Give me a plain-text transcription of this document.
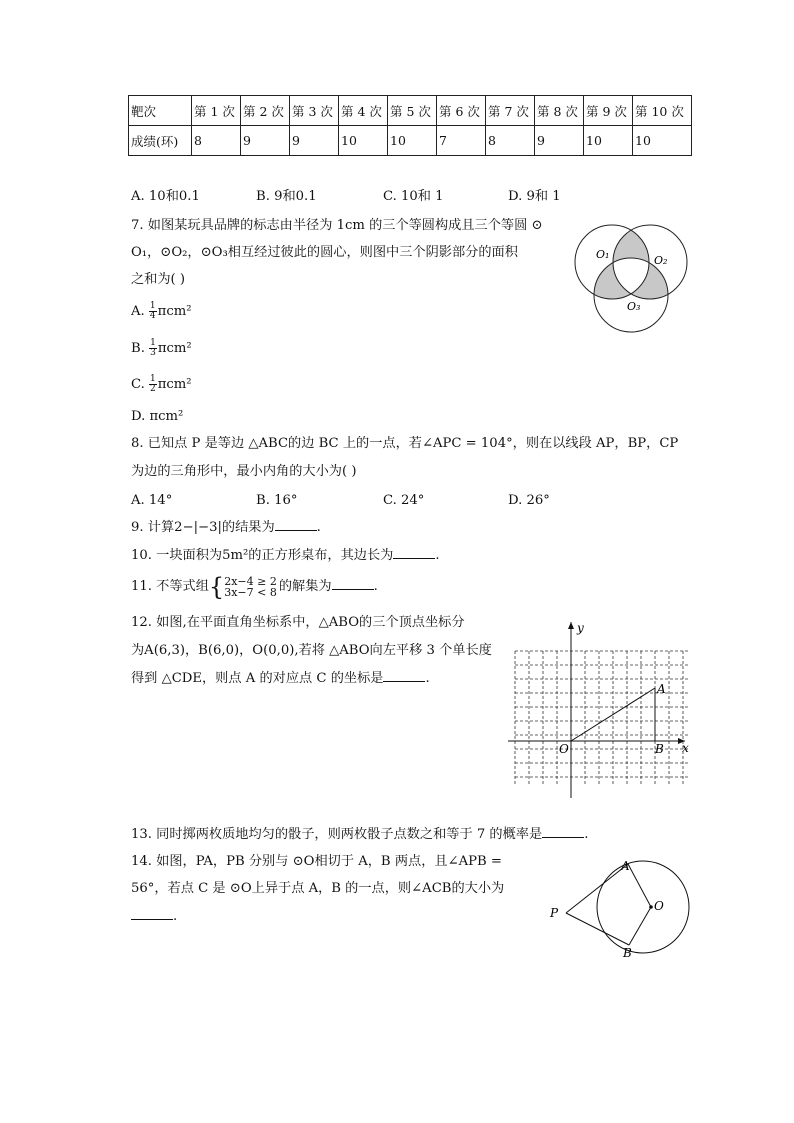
靶次	第 1 次	第 2 次	第 3 次	第 4 次	第 5 次	第 6 次	第 7 次	第 8 次	第 9 次	第 10 次
成绩(环)	8	9	9	10	10	7	8	9	10	10
A. 10和0.1	B. 9和0.1	C. 10和 1	D. 9和 1
7. 如图某玩具品牌的标志由半径为 1cm 的三个等圆构成且三个等圆 ⊙
O₁，⊙O₂，⊙O₃相互经过彼此的圆心，则图中三个阴影部分的面积
之和为( )
A. $\frac{1}{4} \pi cm^2$
B. $\frac{1}{3} \pi cm^2$
C. $\frac{1}{2} \pi cm^2$
D. πcm²
O₁	O₂
O₃
8. 已知点 P 是等边 △ABC的边 BC 上的一点，若∠APC = 104°，则在以线段 AP，BP，CP
为边的三角形中，最小内角的大小为( )
A. 14°	B. 16°	C. 24°	D. 26°
9. 计算2−|−3|的结果为	.
10. 一块面积为5m²的正方形桌布，其边长为	.
11. 不等式组{ 2x−4 ≥ 2
3x−7 < 8 的解集为	.
12. 如图,在平面直角坐标系中，△ABO的三个顶点坐标分
为A(6,3)，B(6,0)，O(0,0),若将 △ABO向左平移 3 个单长度
得到 △CDE，则点 A 的对应点 C 的坐标是	.
y
x
O
A
B
13. 同时掷两枚质地均匀的骰子，则两枚骰子点数之和等于 7 的概率是	.
14. 如图，PA，PB 分别与 ⊙O相切于 A，B 两点，且∠APB =
56°，若点 C 是 ⊙O上异于点 A，B 的一点，则∠ACB的大小为
.	P
A
B
O
